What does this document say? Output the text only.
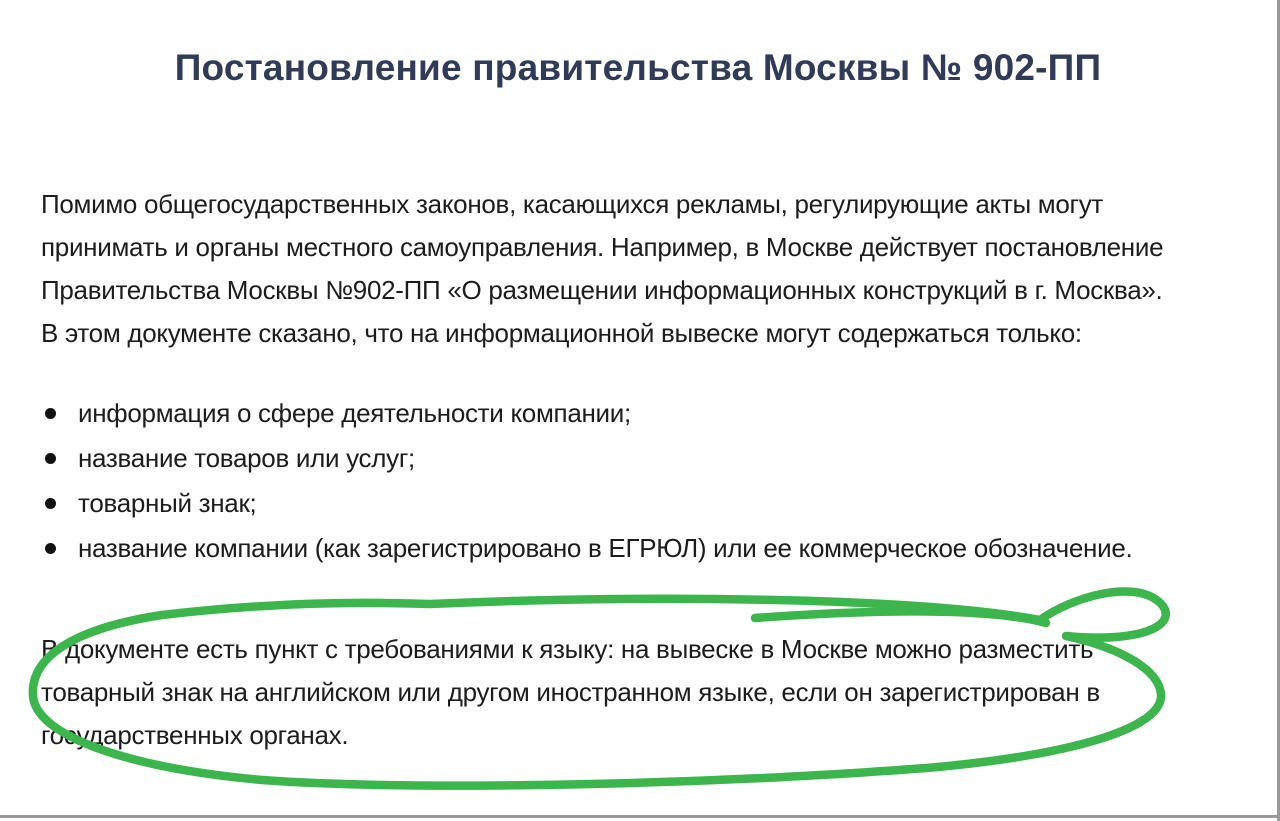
Постановление правительства Москвы № 902-ПП
Помимо общегосударственных законов, касающихся рекламы, регулирующие акты могут
принимать и органы местного самоуправления. Например, в Москве действует постановление
Правительства Москвы №902-ПП «О размещении информационных конструкций в г. Москва».
В этом документе сказано, что на информационной вывеске могут содержаться только:
информация о сфере деятельности компании;
название товаров или услуг;
товарный знак;
название компании (как зарегистрировано в ЕГРЮЛ) или ее коммерческое обозначение.
В документе есть пункт с требованиями к языку: на вывеске в Москве можно разместить
товарный знак на английском или другом иностранном языке, если он зарегистрирован в
государственных органах.
